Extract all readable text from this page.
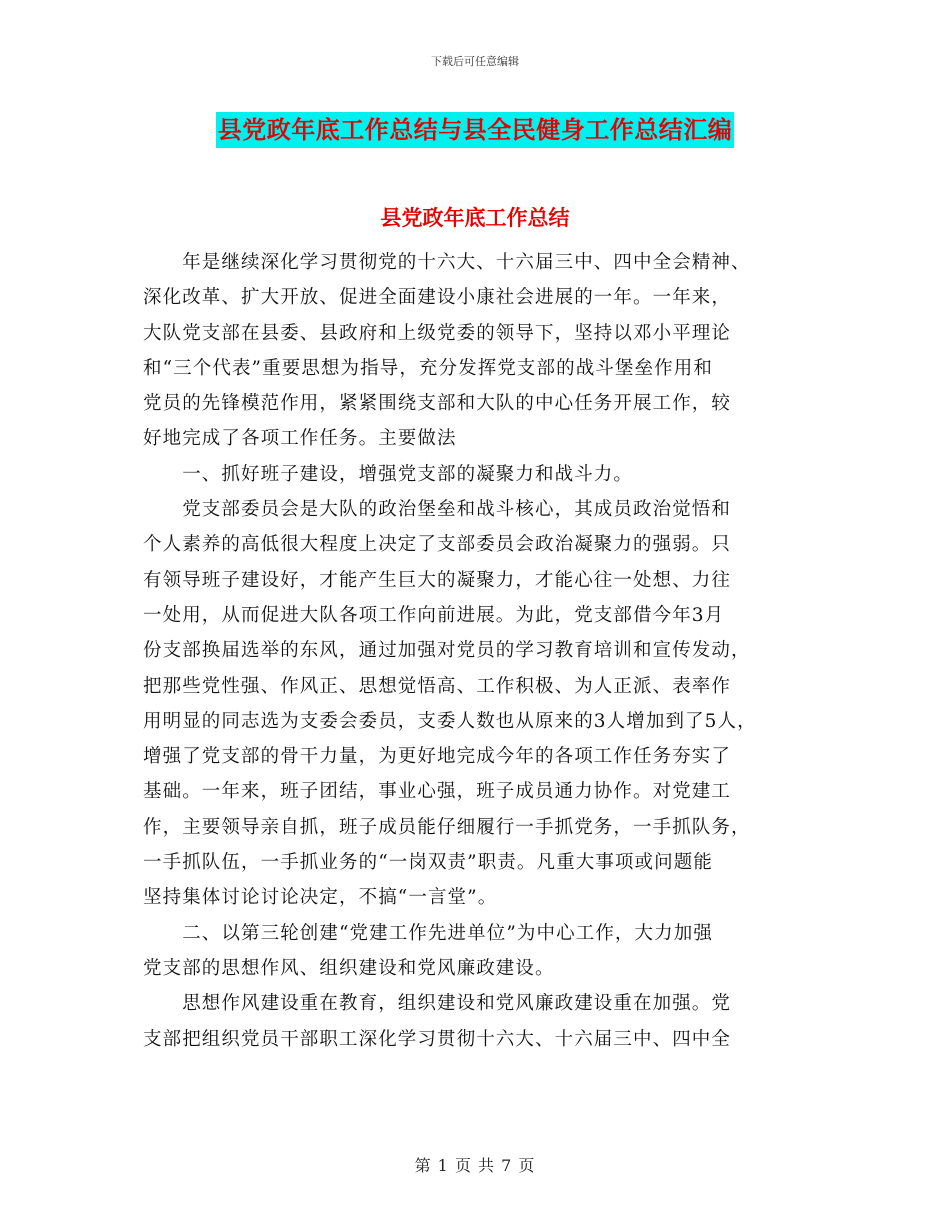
下载后可任意编辑
县党政年底工作总结与县全民健身工作总结汇编
县党政年底工作总结
　　年是继续深化学习贯彻党的十六大、十六届三中、四中全会精神、
深化改革、扩大开放、促进全面建设小康社会进展的一年。一年来，
大队党支部在县委、县政府和上级党委的领导下，坚持以邓小平理论
和“三个代表”重要思想为指导，充分发挥党支部的战斗堡垒作用和
党员的先锋模范作用，紧紧围绕支部和大队的中心任务开展工作，较
好地完成了各项工作任务。主要做法
　　一、抓好班子建设，增强党支部的凝聚力和战斗力。
　　党支部委员会是大队的政治堡垒和战斗核心，其成员政治觉悟和
个人素养的高低很大程度上决定了支部委员会政治凝聚力的强弱。只
有领导班子建设好，才能产生巨大的凝聚力，才能心往一处想、力往
一处用，从而促进大队各项工作向前进展。为此，党支部借今年3月
份支部换届选举的东风，通过加强对党员的学习教育培训和宣传发动，
把那些党性强、作风正、思想觉悟高、工作积极、为人正派、表率作
用明显的同志选为支委会委员，支委人数也从原来的3人增加到了5人，
增强了党支部的骨干力量，为更好地完成今年的各项工作任务夯实了
基础。一年来，班子团结，事业心强，班子成员通力协作。对党建工
作，主要领导亲自抓，班子成员能仔细履行一手抓党务，一手抓队务，
一手抓队伍，一手抓业务的“一岗双责”职责。凡重大事项或问题能
坚持集体讨论讨论决定，不搞“一言堂”。
　　二、以第三轮创建“党建工作先进单位”为中心工作，大力加强
党支部的思想作风、组织建设和党风廉政建设。
　　思想作风建设重在教育，组织建设和党风廉政建设重在加强。党
支部把组织党员干部职工深化学习贯彻十六大、十六届三中、四中全
第 1 页 共 7 页
